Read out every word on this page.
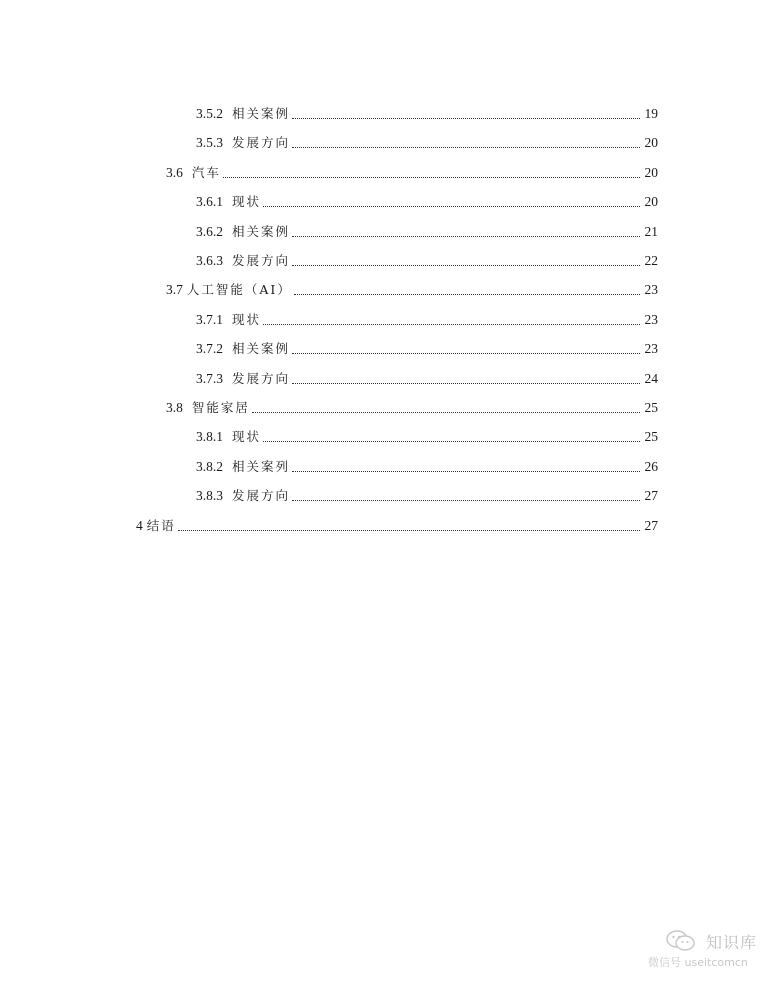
3.5.2 相关案例	19
3.5.3 发展方向	20
3.6 汽车	20
3.6.1 现状	20
3.6.2 相关案例	21
3.6.3 发展方向	22
3.7 人工智能（AI）	23
3.7.1 现状	23
3.7.2 相关案例	23
3.7.3 发展方向	24
3.8 智能家居	25
3.8.1 现状	25
3.8.2 相关案列	26
3.8.3 发展方向	27
4 结语	27
知识库
微信号 useitcomcn
